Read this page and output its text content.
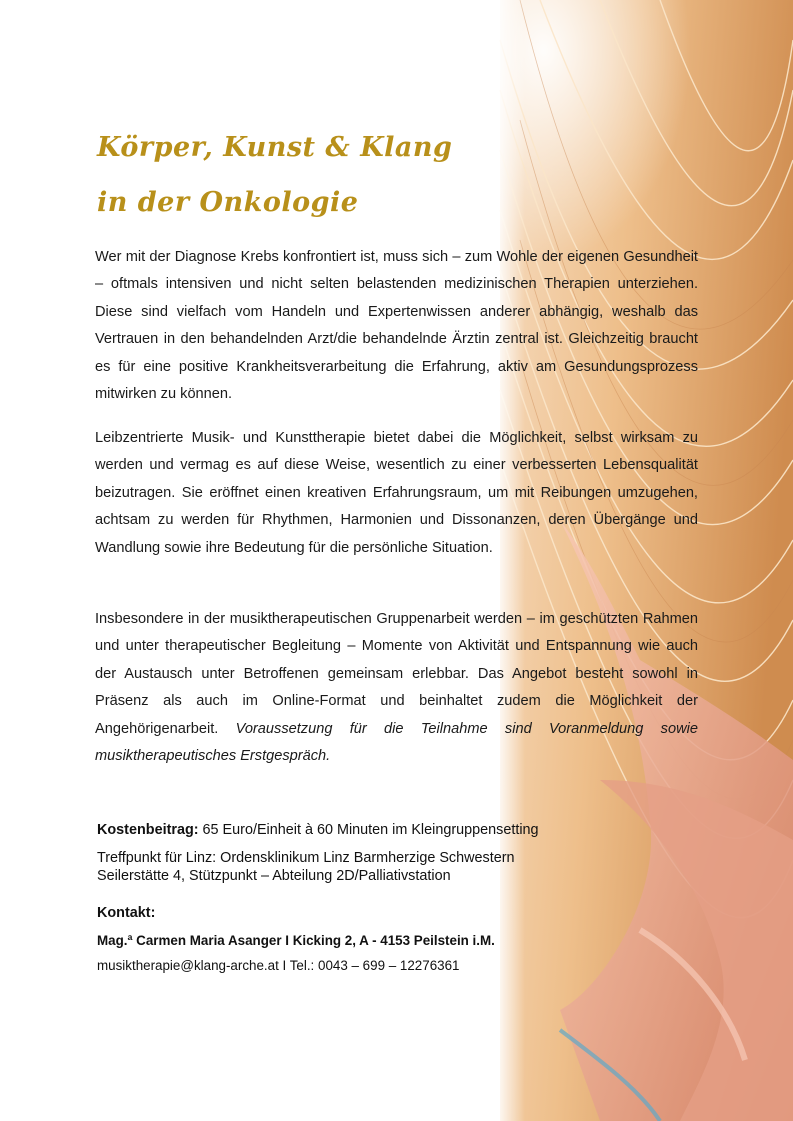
Körper, Kunst & Klang
in der Onkologie

Wer mit der Diagnose Krebs konfrontiert ist, muss sich – zum Wohle der eigenen Gesundheit – oftmals intensiven und nicht selten belastenden medizinischen Therapien unterziehen. Diese sind vielfach vom Handeln und Expertenwissen anderer abhängig, weshalb das Vertrauen in den behandelnden Arzt/die behandelnde Ärztin zentral ist. Gleichzeitig braucht es für eine positive Krankheitsverarbeitung die Erfahrung, aktiv am Gesundungsprozess mitwirken zu können.

Leibzentrierte Musik- und Kunsttherapie bietet dabei die Möglichkeit, selbst wirksam zu werden und vermag es auf diese Weise, wesentlich zu einer verbesserten Lebensqualität beizutragen. Sie eröffnet einen kreativen Erfahrungsraum, um mit Reibungen umzugehen, achtsam zu werden für Rhythmen, Harmonien und Dissonanzen, deren Übergänge und Wandlung sowie ihre Bedeutung für die persönliche Situation.

Insbesondere in der musiktherapeutischen Gruppenarbeit werden – im geschützten Rahmen und unter therapeutischer Begleitung – Momente von Aktivität und Entspannung wie auch der Austausch unter Betroffenen gemeinsam erlebbar. Das Angebot besteht sowohl in Präsenz als auch im Online-Format und beinhaltet zudem die Möglichkeit der Angehörigenarbeit. Voraussetzung für die Teilnahme sind Voranmeldung sowie musiktherapeutisches Erstgespräch.

Kostenbeitrag: 65 Euro/Einheit à 60 Minuten im Kleingruppensetting

Treffpunkt für Linz: Ordensklinikum Linz Barmherzige Schwestern
Seilerstätte 4, Stützpunkt – Abteilung 2D/Palliativstation

Kontakt:

Mag.ª Carmen Maria Asanger I Kicking 2, A - 4153 Peilstein i.M.

musiktherapie@klang-arche.at I Tel.: 0043 – 699 – 12276361
